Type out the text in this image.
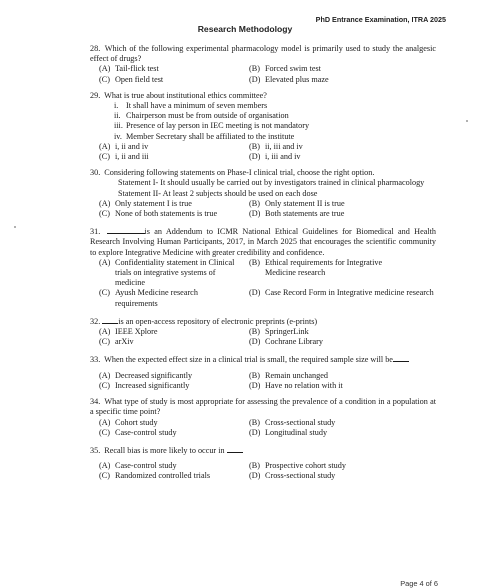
PhD Entrance Examination, ITRA 2025
Research Methodology
28. Which of the following experimental pharmacology model is primarily used to study the analgesic effect of drugs?
(A) Tail-flick test	(B) Forced swim test
(C) Open field test	(D) Elevated plus maze
29. What is true about institutional ethics committee?
i. It shall have a minimum of seven members
ii. Chairperson must be from outside of organisation
iii. Presence of lay person in IEC meeting is not mandatory
iv. Member Secretary shall be affiliated to the institute
(A) i, ii and iv	(B) ii, iii and iv
(C) i, ii and iii	(D) i, iii and iv
30. Considering following statements on Phase-I clinical trial, choose the right option.
Statement I- It should usually be carried out by investigators trained in clinical pharmacology
Statement II- At least 2 subjects should be used on each dose
(A) Only statement I is true	(B) Only statement II is true
(C) None of both statements is true	(D) Both statements are true
31.	is an Addendum to ICMR National Ethical Guidelines for Biomedical and Health Research Involving Human Participants, 2017, in March 2025 that encourages the scientific community to explore Integrative Medicine with greater credibility and confidence.
(A) Confidentiality statement in Clinical trials on integrative systems of medicine
(B) Ethical requirements for Integrative Medicine research
(C) Ayush Medicine research requirements
(D) Case Record Form in Integrative medicine research
32. is an open-access repository of electronic preprints (e-prints)
(A) IEEE Xplore	(B) SpringerLink
(C) arXiv	(D) Cochrane Library
33. When the expected effect size in a clinical trial is small, the required sample size will be
(A) Decreased significantly	(B) Remain unchanged
(C) Increased significantly	(D) Have no relation with it
34. What type of study is most appropriate for assessing the prevalence of a condition in a population at a specific time point?
(A) Cohort study	(B) Cross-sectional study
(C) Case-control study	(D) Longitudinal study
35. Recall bias is more likely to occur in
(A) Case-control study	(B) Prospective cohort study
(C) Randomized controlled trials	(D) Cross-sectional study
Page 4 of 6
